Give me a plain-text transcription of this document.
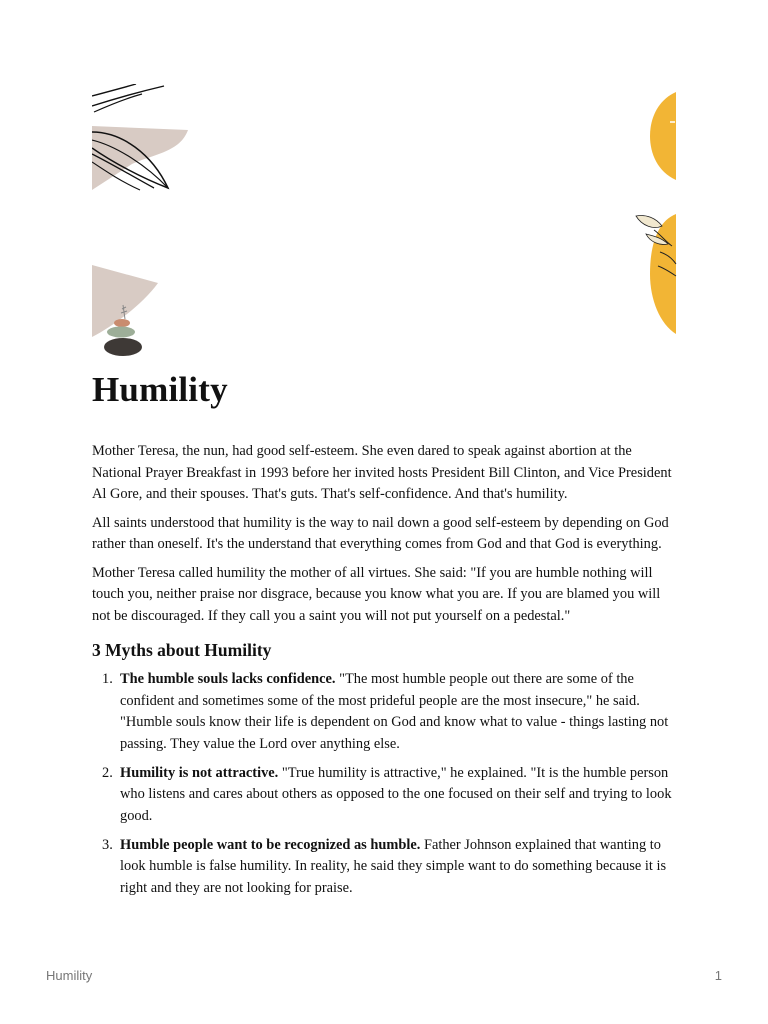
Humility

Mother Teresa, the nun, had good self-esteem. She even dared to speak against abortion at the National Prayer Breakfast in 1993 before her invited hosts President Bill Clinton, and Vice President Al Gore, and their spouses. That's guts. That's self-confidence. And that's humility.

All saints understood that humility is the way to nail down a good self-esteem by depending on God rather than oneself. It's the understand that everything comes from God and that God is everything.

Mother Teresa called humility the mother of all virtues. She said: "If you are humble nothing will touch you, neither praise nor disgrace, because you know what you are. If you are blamed you will not be discouraged. If they call you a saint you will not put yourself on a pedestal."

3 Myths about Humility
1. The humble souls lacks confidence. "The most humble people out there are some of the confident and sometimes some of the most prideful people are the most insecure," he said. "Humble souls know their life is dependent on God and know what to value - things lasting not passing. They value the Lord over anything else.
2. Humility is not attractive. "True humility is attractive," he explained. "It is the humble person who listens and cares about others as opposed to the one focused on their self and trying to look good.
3. Humble people want to be recognized as humble. Father Johnson explained that wanting to look humble is false humility. In reality, he said they simple want to do something because it is right and they are not looking for praise.
Humility	1
